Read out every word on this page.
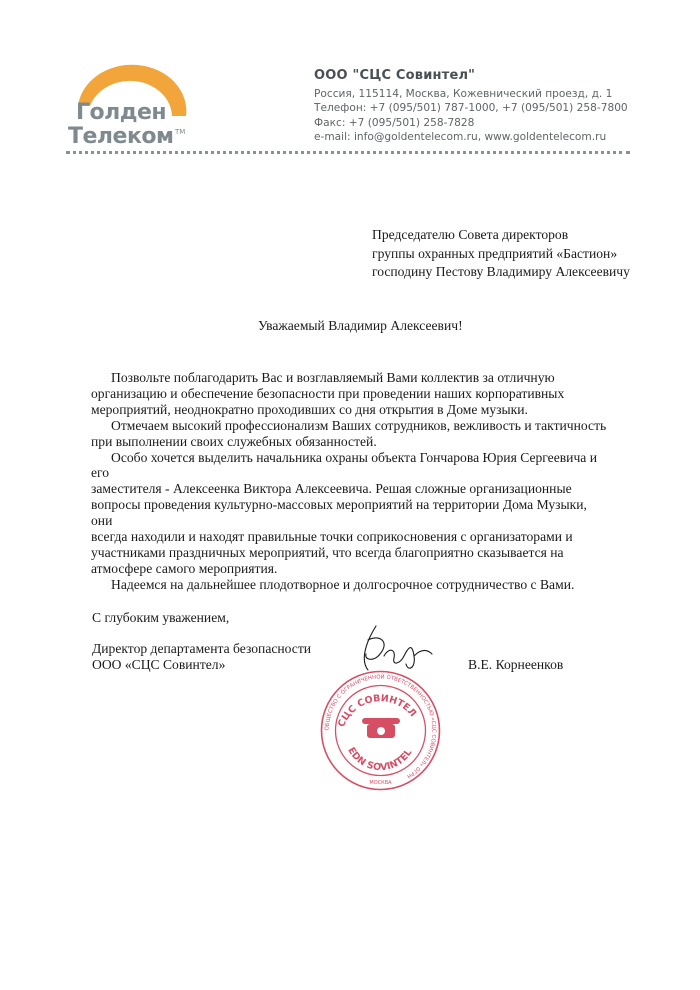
Голден
Телеком TM
ООО "СЦС Совинтел"
Россия, 115114, Москва, Кожевнический проезд, д. 1
Телефон: +7 (095/501) 787-1000, +7 (095/501) 258-7800
Факс: +7 (095/501) 258-7828
e-mail: info@goldentelecom.ru, www.goldentelecom.ru
Председателю Совета директоров
группы охранных предприятий «Бастион»
господину Пестову Владимиру Алексеевичу
Уважаемый Владимир Алексеевич!

Позвольте поблагодарить Вас и возглавляемый Вами коллектив за отличную
организацию и обеспечение безопасности при проведении наших корпоративных
мероприятий, неоднократно проходивших со дня открытия в Доме музыки.

Отмечаем высокий профессионализм Ваших сотрудников, вежливость и тактичность
при выполнении своих служебных обязанностей.

Особо хочется выделить начальника охраны объекта Гончарова Юрия Сергеевича и его
заместителя - Алексеенка Виктора Алексеевича. Решая сложные организационные
вопросы проведения культурно-массовых мероприятий на территории Дома Музыки, они
всегда находили и находят правильные точки соприкосновения с организаторами и
участниками праздничных мероприятий, что всегда благоприятно сказывается на
атмосфере самого мероприятия.

Надеемся на дальнейшее плодотворное и долгосрочное сотрудничество с Вами.

С глубоким уважением,
Директор департамента безопасности
ООО «СЦС Совинтел»	В.Е. Корнеенков
ОБЩЕСТВО С ОГРАНИЧЕННОЙ ОТВЕТСТВЕННОСТЬЮ «СЦС СОВИНТЕЛ» ОГРН
СЦС СОВИНТЕЛ
EDN SOVINTEL
МОСКВА
